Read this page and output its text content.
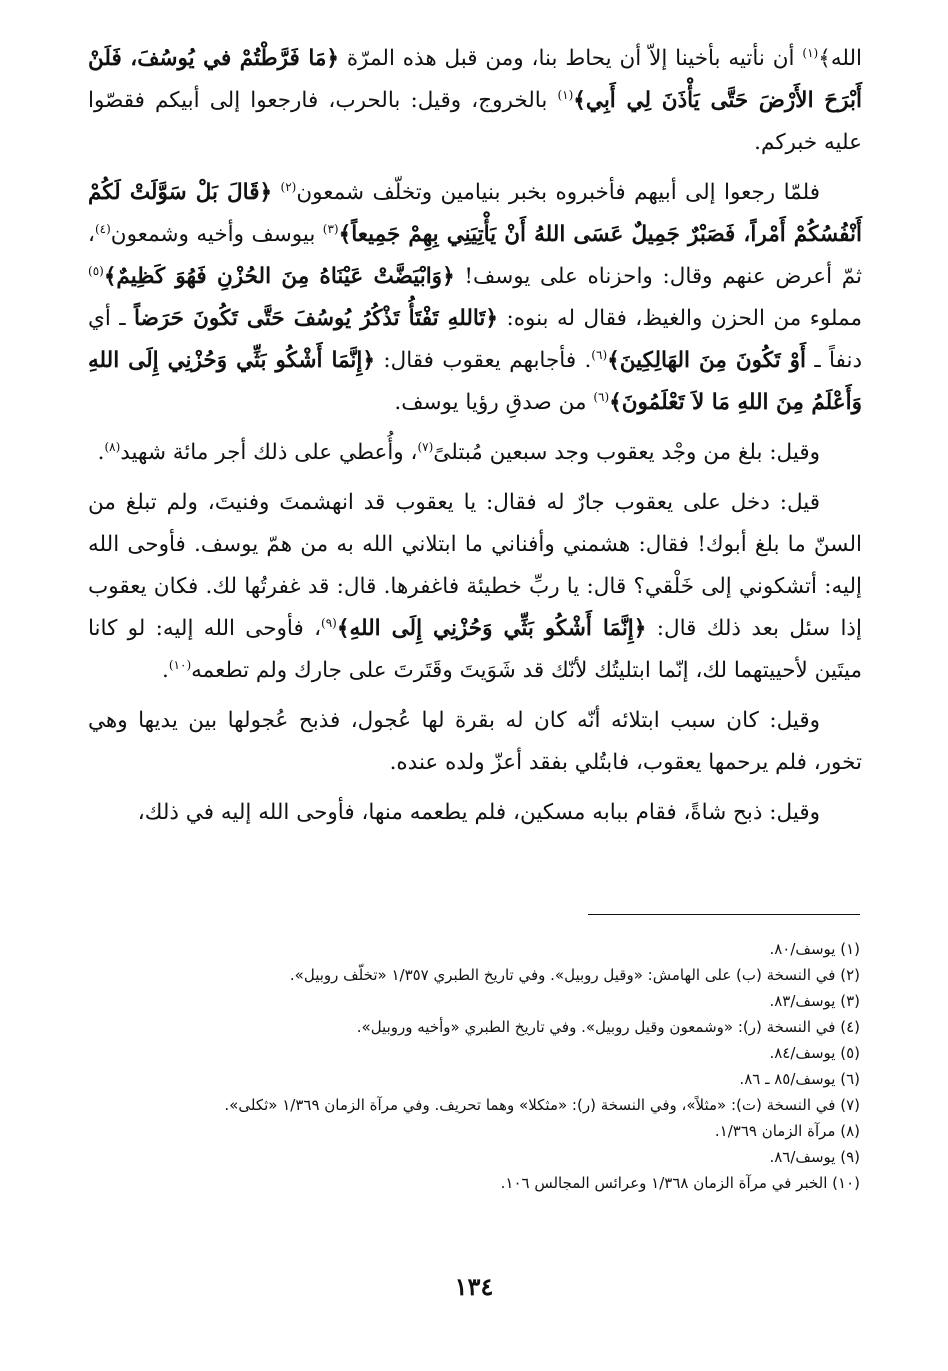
الله﴾$^{(١)}$ أن نأتيه بأخينا إلاّ أن يحاط بنا، ومن قبل هذه المرّة ﴿مَا فَرَّطْتُمْ في يُوسُفَ، فَلَنْ أَبْرَحَ الأَرْضَ حَتَّى يَأْذَنَ لِي أَبِي﴾$^{(١)}$ بالخروج، وقيل: بالحرب، فارجعوا إلى أبيكم فقصّوا عليه خبركم.

فلمّا رجعوا إلى أبيهم فأخبروه بخبر بنيامين وتخلّف شمعون$^{(٢)}$ ﴿قَالَ بَلْ سَوَّلَتْ لَكُمْ أَنْفُسُكُمْ أَمْراً، فَصَبْرٌ جَمِيلٌ عَسَى اللهُ أَنْ يَأْتِيَنِي بِهِمْ جَمِيعاً﴾$^{(٣)}$ بيوسف وأخيه وشمعون$^{(٤)}$، ثمّ أعرض عنهم وقال: واحزناه على يوسف! ﴿وَابْيَضَّتْ عَيْنَاهُ مِنَ الحُزْنِ فَهُوَ كَظِيمٌ﴾$^{(٥)}$ مملوء من الحزن والغيظ، فقال له بنوه: ﴿تَاللهِ تَفْتَأُ تَذْكُرُ يُوسُفَ حَتَّى تَكُونَ حَرَضاً ـ أي دنفاً ـ أَوْ تَكُونَ مِنَ الهَالِكِينَ﴾$^{(٦)}$. فأجابهم يعقوب فقال: ﴿إِنَّمَا أَشْكُو بَثِّي وَحُزْنِي إِلَى اللهِ وَأَعْلَمُ مِنَ اللهِ مَا لاَ تَعْلَمُونَ﴾$^{(٦)}$ من صدقِ رؤيا يوسف.

وقيل: بلغ من وجْد يعقوب وجد سبعين مُبتلىً$^{(٧)}$، وأُعطي على ذلك أجر مائة شهيد$^{(٨)}$.

قيل: دخل على يعقوب جارٌ له فقال: يا يعقوب قد انهشمتَ وفنيتَ، ولم تبلغ من السنّ ما بلغ أبوك! فقال: هشمني وأفناني ما ابتلاني الله به من همّ يوسف. فأوحى الله إليه: أتشكوني إلى خَلْقي؟ قال: يا ربِّ خطيئة فاغفرها. قال: قد غفرتُها لك. فكان يعقوب إذا سئل بعد ذلك قال: ﴿إِنَّمَا أَشْكُو بَثِّي وَحُزْنِي إِلَى اللهِ﴾$^{(٩)}$، فأوحى الله إليه: لو كانا ميتَين لأحييتهما لك، إنّما ابتليتُك لأنّك قد شَوَيتَ وقَتَرتَ على جارك ولم تطعمه$^{(١٠)}$.

وقيل: كان سبب ابتلائه أنّه كان له بقرة لها عُجول، فذبح عُجولها بين يديها وهي تخور، فلم يرحمها يعقوب، فابتُلي بفقد أعزّ ولده عنده.

وقيل: ذبح شاةً، فقام ببابه مسكين، فلم يطعمه منها، فأوحى الله إليه في ذلك،

(١) يوسف/٨٠.
(٢) في النسخة (ب) على الهامش: «وقيل روبيل». وفي تاريخ الطبري ١/٣٥٧ «تخلّف روبيل».
(٣) يوسف/٨٣.
(٤) في النسخة (ر): «وشمعون وقيل روبيل». وفي تاريخ الطبري «وأخيه وروبيل».
(٥) يوسف/٨٤.
(٦) يوسف/٨٥ ـ ٨٦.
(٧) في النسخة (ت): «مثلاً»، وفي النسخة (ر): «مثكلا» وهما تحريف. وفي مرآة الزمان ١/٣٦٩ «ثكلى».
(٨) مرآة الزمان ١/٣٦٩.
(٩) يوسف/٨٦.
(١٠) الخبر في مرآة الزمان ١/٣٦٨ وعرائس المجالس ١٠٦.
١٣٤
